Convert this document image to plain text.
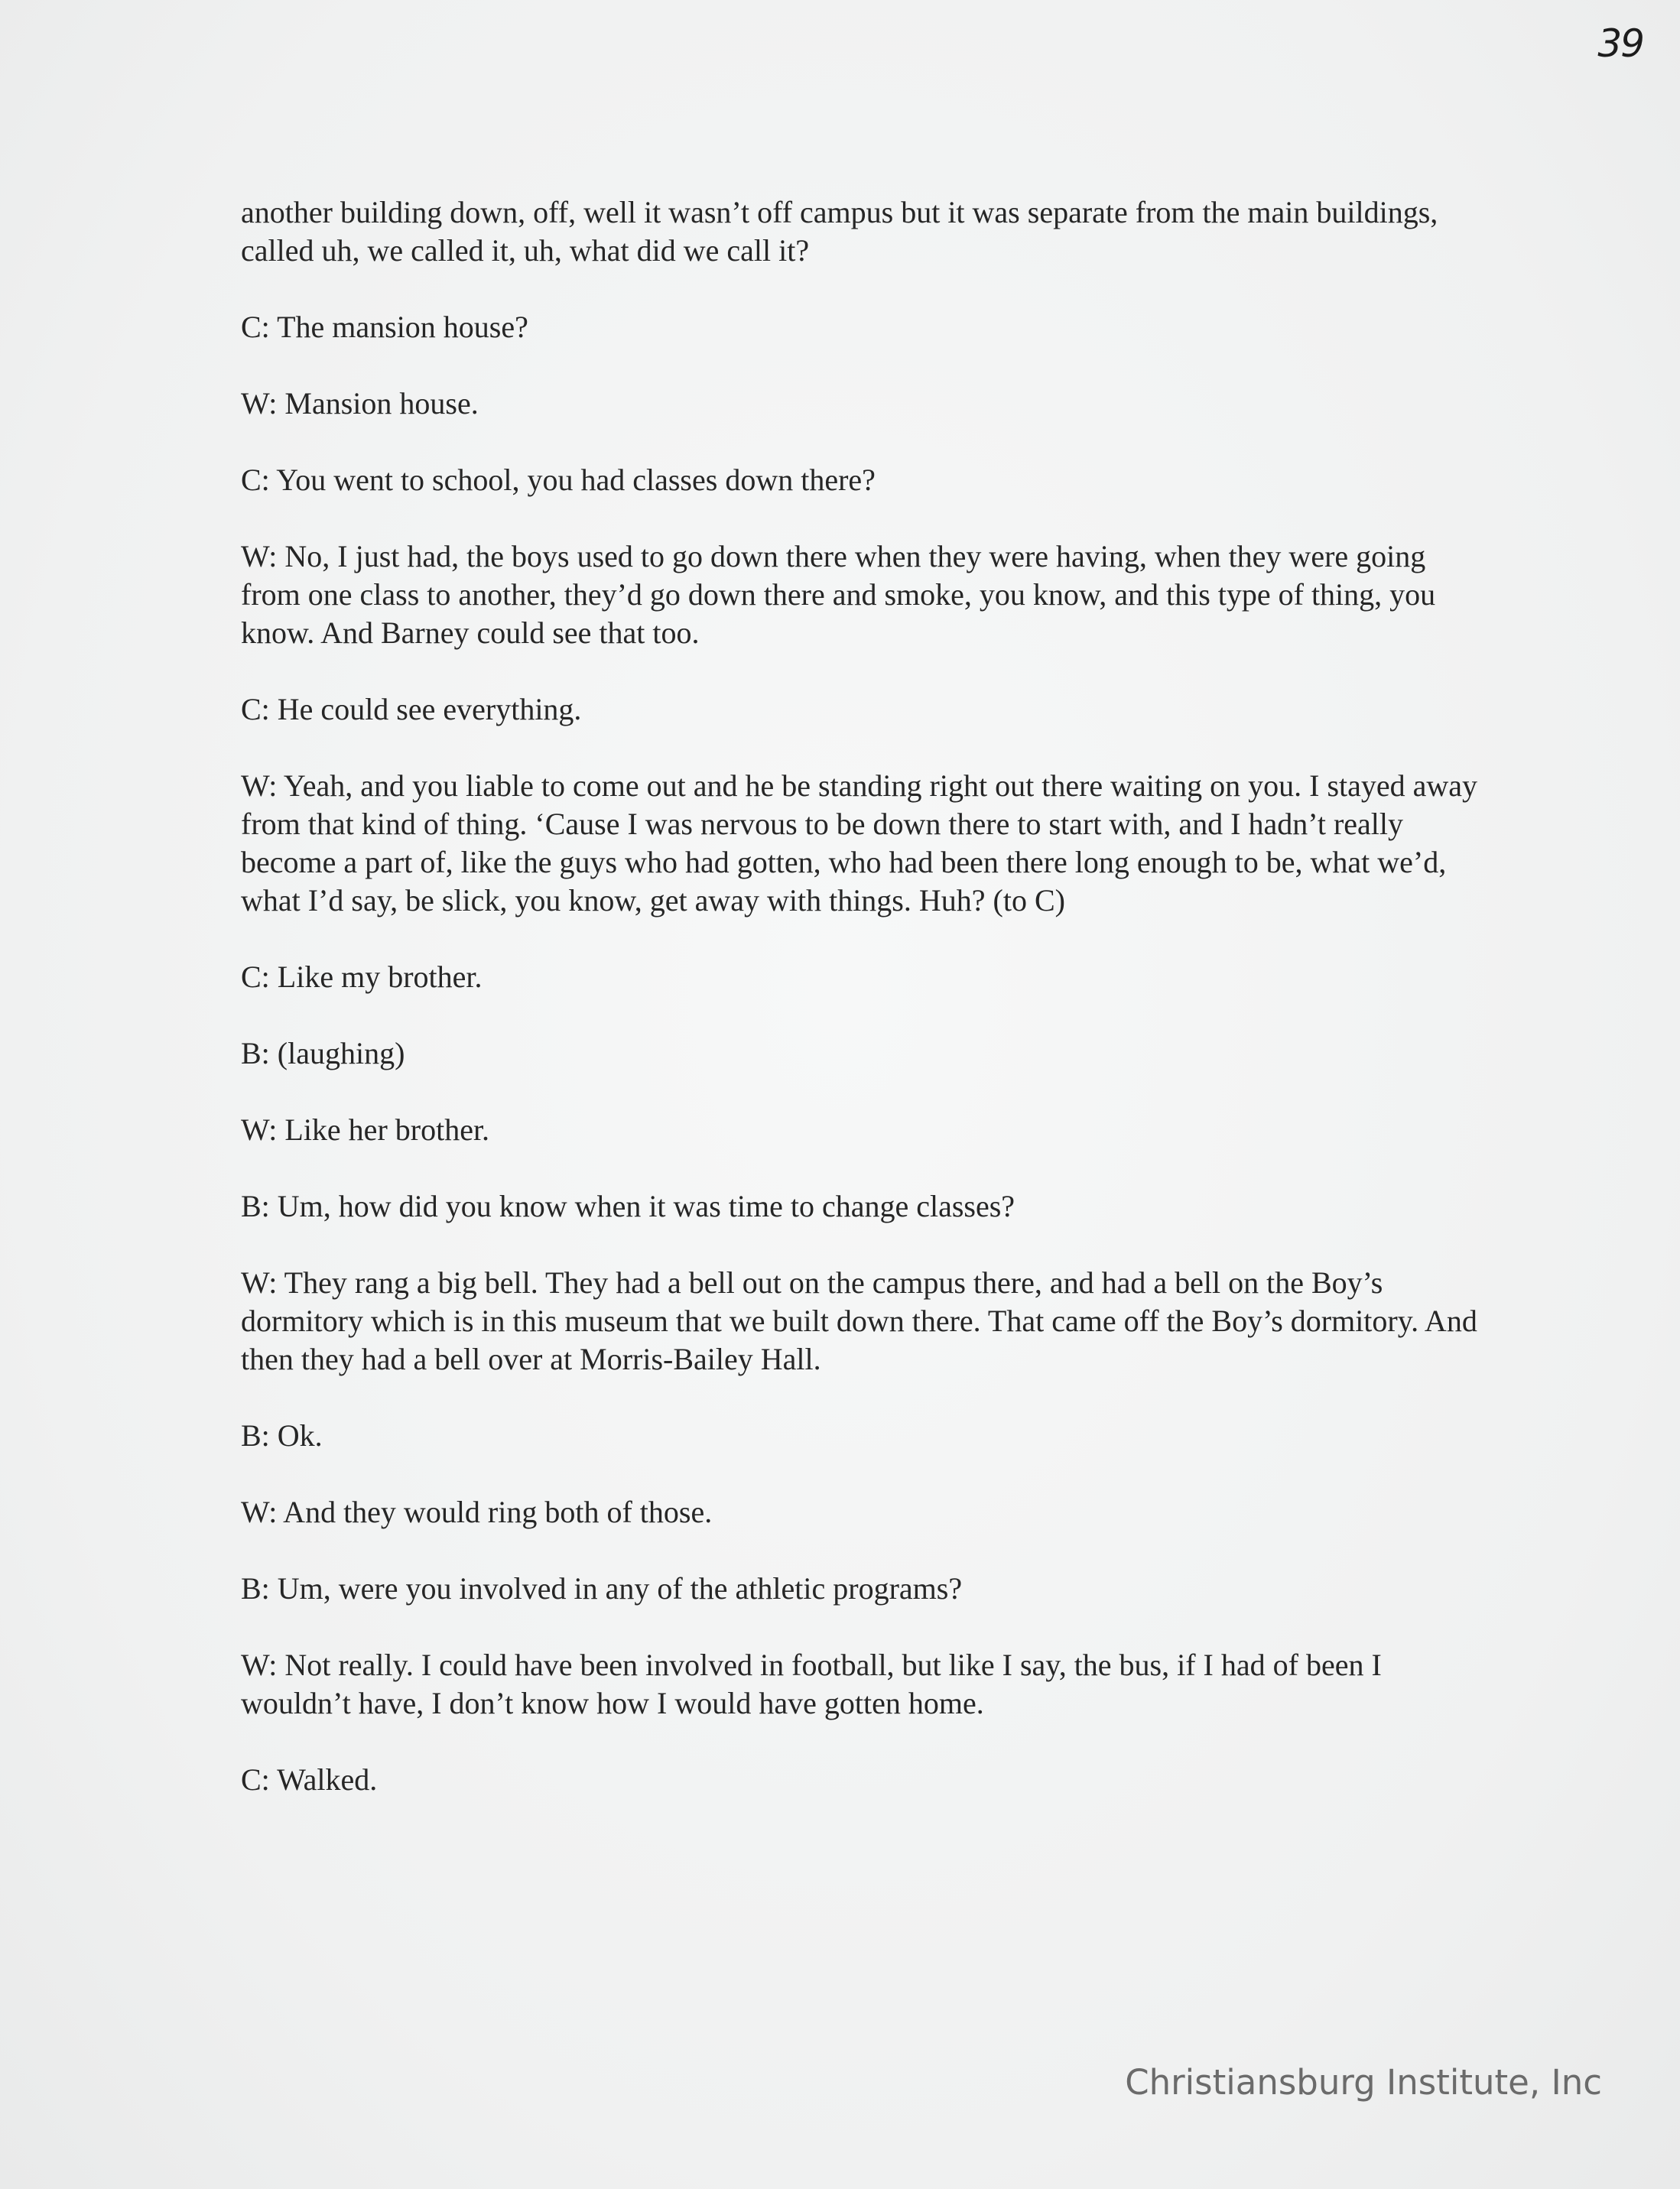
39

another building down, off, well it wasn’t off campus but it was separate from the main buildings, called uh, we called it, uh, what did we call it?

C: The mansion house?

W: Mansion house.

C: You went to school, you had classes down there?

W: No, I just had, the boys used to go down there when they were having, when they were going from one class to another, they’d go down there and smoke, you know, and this type of thing, you know. And Barney could see that too.

C: He could see everything.

W: Yeah, and you liable to come out and he be standing right out there waiting on you. I stayed away from that kind of thing. ‘Cause I was nervous to be down there to start with, and I hadn’t really become a part of, like the guys who had gotten, who had been there long enough to be, what we’d, what I’d say, be slick, you know, get away with things. Huh? (to C)

C: Like my brother.

B: (laughing)

W: Like her brother.

B: Um, how did you know when it was time to change classes?

W: They rang a big bell. They had a bell out on the campus there, and had a bell on the Boy’s dormitory which is in this museum that we built down there. That came off the Boy’s dormitory. And then they had a bell over at Morris-Bailey Hall.

B: Ok.

W: And they would ring both of those.

B: Um, were you involved in any of the athletic programs?

W: Not really. I could have been involved in football, but like I say, the bus, if I had of been I wouldn’t have, I don’t know how I would have gotten home.

C: Walked.

Christiansburg Institute, Inc
